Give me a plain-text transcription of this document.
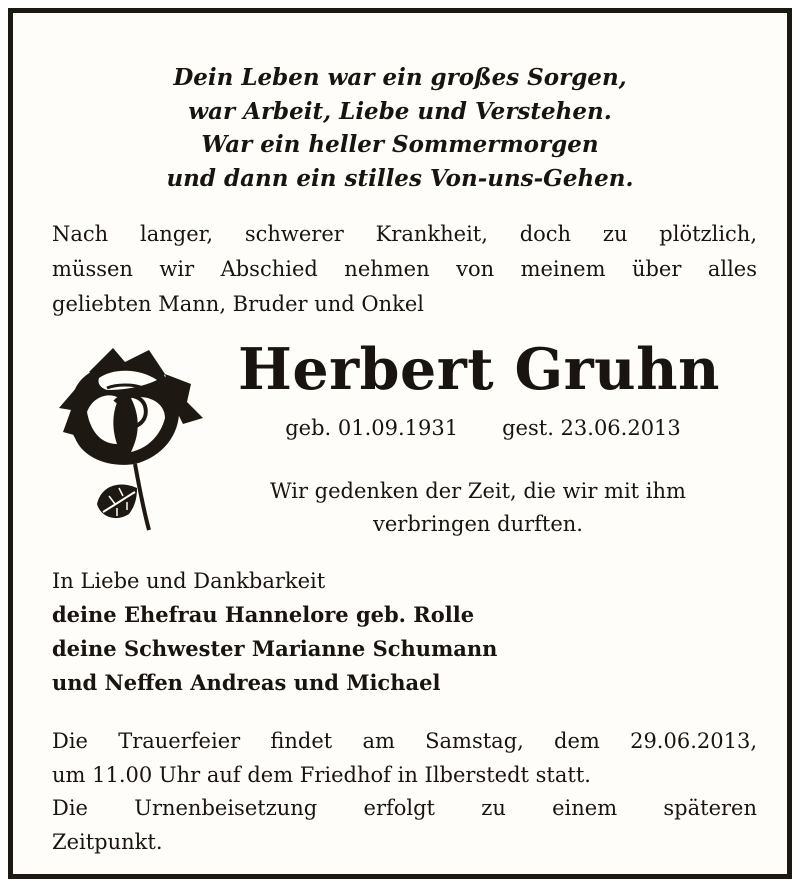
Dein Leben war ein großes Sorgen,
war Arbeit, Liebe und Verstehen.
War ein heller Sommermorgen
und dann ein stilles Von-uns-Gehen.
Nach langer, schwerer Krankheit, doch zu plötzlich,
müssen wir Abschied nehmen von meinem über alles
geliebten Mann, Bruder und Onkel
Herbert Gruhn
geb. 01.09.1931 gest. 23.06.2013
Wir gedenken der Zeit, die wir mit ihm
verbringen durften.
In Liebe und Dankbarkeit
deine Ehefrau Hannelore geb. Rolle
deine Schwester Marianne Schumann
und Neffen Andreas und Michael
Die Trauerfeier findet am Samstag, dem 29.06.2013,
um 11.00 Uhr auf dem Friedhof in Ilberstedt statt.
Die Urnenbeisetzung erfolgt zu einem späteren
Zeitpunkt.
